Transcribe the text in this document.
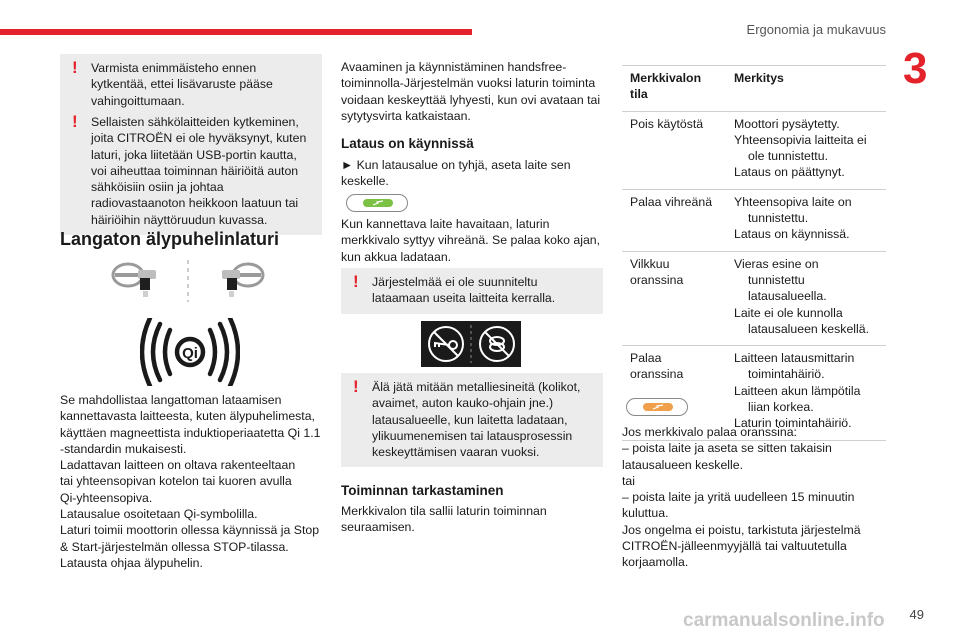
Ergonomia ja mukavuus
3
! Varmista enimmäisteho ennen kytkentää, ettei lisävaruste pääse vahingoittumaan.
! Sellaisten sähkölaitteiden kytkeminen, joita CITROËN ei ole hyväksynyt, kuten laturi, joka liitetään USB-portin kautta, voi aiheuttaa toiminnan häiriöitä auton sähköisiin osiin ja johtaa radiovastaanoton heikkoon laatuun tai häiriöihin näyttöruudun kuvassa.
Langaton älypuhelinlaturi
Qi
Se mahdollistaa langattoman lataamisen
kannettavasta laitteesta, kuten älypuhelimesta,
käyttäen magneettista induktioperiaatetta Qi 1.1
-standardin mukaisesti.
Ladattavan laitteen on oltava rakenteeltaan
tai yhteensopivan kotelon tai kuoren avulla
Qi-yhteensopiva.
Latausalue osoitetaan Qi-symbolilla.
Laturi toimii moottorin ollessa käynnissä ja Stop
& Start-järjestelmän ollessa STOP-tilassa.
Latausta ohjaa älypuhelin.
Avaaminen ja käynnistäminen handsfree-toiminnolla-Järjestelmän vuoksi laturin toiminta voidaan keskeyttää lyhyesti, kun ovi avataan tai sytytysvirta katkaistaan.
Lataus on käynnissä
► Kun latausalue on tyhjä, aseta laite sen keskelle.
Kun kannettava laite havaitaan, laturin merkkivalo syttyy vihreänä. Se palaa koko ajan, kun akkua ladataan.
! Järjestelmää ei ole suunniteltu lataamaan useita laitteita kerralla.
! Älä jätä mitään metalliesineitä (kolikot, avaimet, auton kauko-ohjain jne.) latausalueelle, kun laitetta ladataan, ylikuumenemisen tai latausprosessin keskeyttämisen vaaran vuoksi.
Toiminnan tarkastaminen
Merkkivalon tila sallii laturin toiminnan seuraamisen.
Merkkivalon tila	Merkitys
Pois käytöstä	Moottori pysäytetty.
Yhteensopivia laitteita ei ole tunnistettu.
Lataus on päättynyt.

Palaa vihreänä	Yhteensopiva laite on tunnistettu.
Lataus on käynnissä.

Vilkkuu oranssina	Vieras esine on tunnistettu latausalueella.
Laite ei ole kunnolla latausalueen keskellä.

Palaa oranssina	Laitteen latausmittarin toimintahäiriö.
Laitteen akun lämpötila liian korkea.
Laturin toimintahäiriö.
Jos merkkivalo palaa oranssina:
– poista laite ja aseta se sitten takaisin
latausalueen keskelle.
tai
– poista laite ja yritä uudelleen 15 minuutin
kuluttua.
Jos ongelma ei poistu, tarkistuta järjestelmä
CITROËN-jälleenmyyjällä tai valtuutetulla
korjaamolla.
carmanualsonline.info 49
